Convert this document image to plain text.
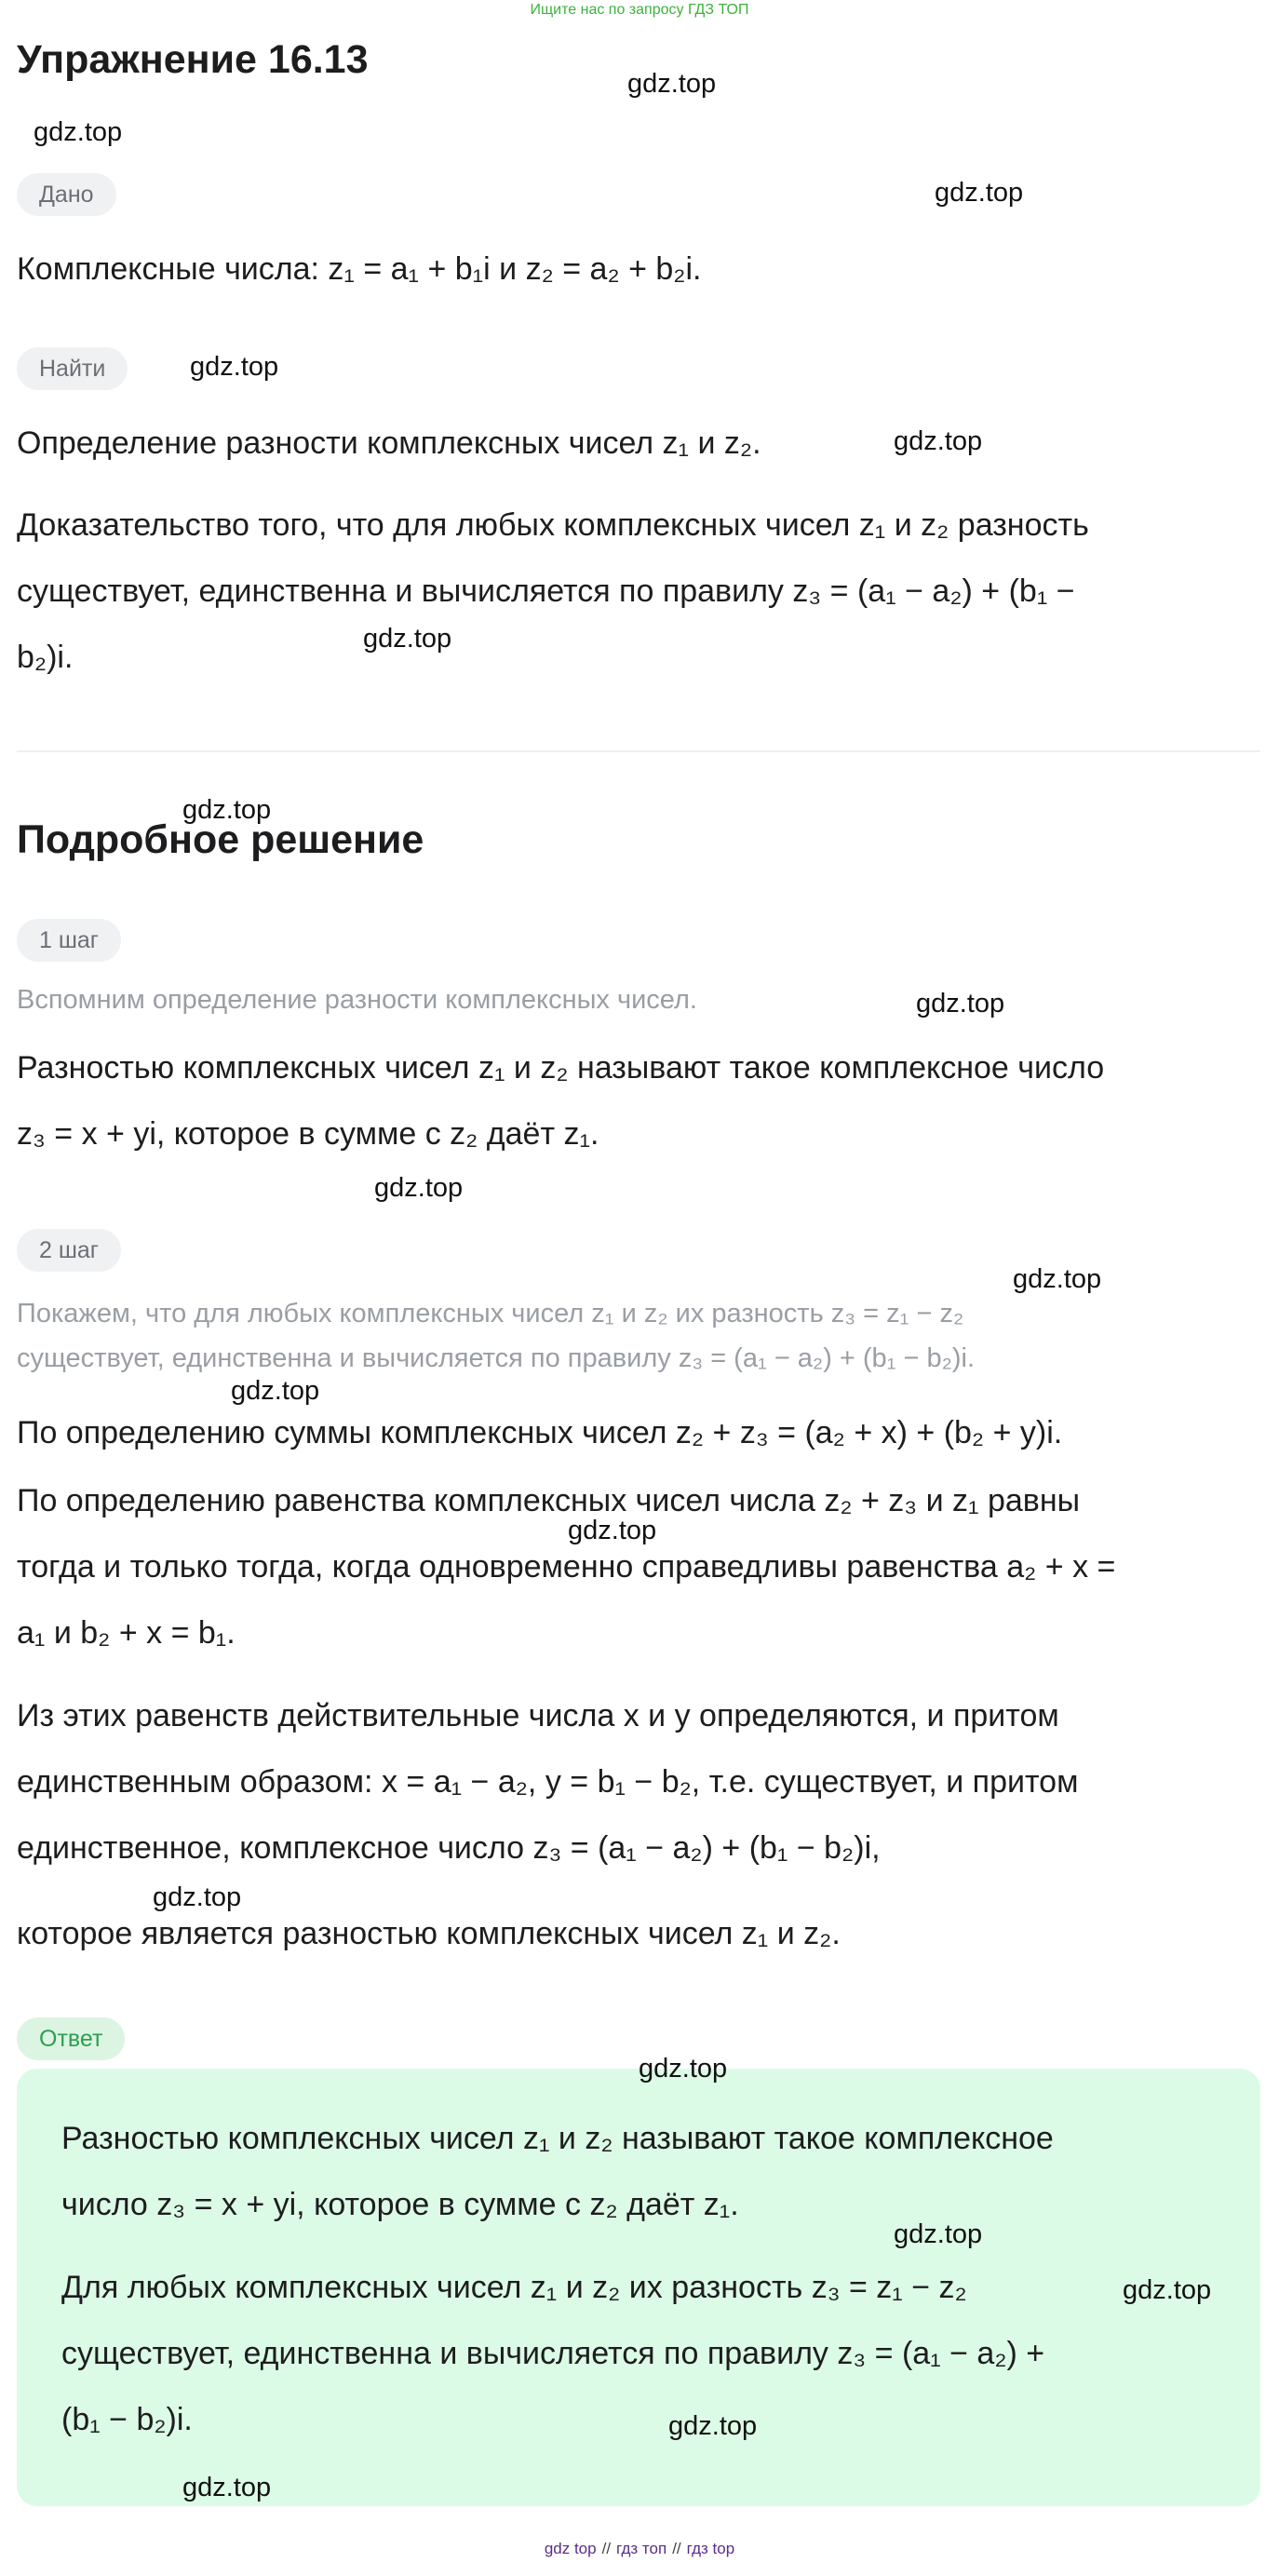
Ищите нас по запросу ГДЗ ТОП
Упражнение 16.13
Дано
Комплексные числа: z₁ = a₁ + b₁i и z₂ = a₂ + b₂i.
Найти
Определение разности комплексных чисел z₁ и z₂.
Доказательство того, что для любых комплексных чисел z₁ и z₂ разность
существует, единственна и вычисляется по правилу z₃ = (a₁ − a₂) + (b₁ −
b₂)i.
Подробное решение
1 шаг
Вспомним определение разности комплексных чисел.
Разностью комплексных чисел z₁ и z₂ называют такое комплексное число
z₃ = x + yi, которое в сумме с z₂ даёт z₁.
2 шаг
Покажем, что для любых комплексных чисел z₁ и z₂ их разность z₃ = z₁ − z₂
существует, единственна и вычисляется по правилу z₃ = (a₁ − a₂) + (b₁ − b₂)i.
По определению суммы комплексных чисел z₂ + z₃ = (a₂ + x) + (b₂ + y)i.
По определению равенства комплексных чисел числа z₂ + z₃ и z₁ равны
тогда и только тогда, когда одновременно справедливы равенства a₂ + x =
a₁ и b₂ + x = b₁.
Из этих равенств действительные числа x и y определяются, и притом
единственным образом: x = a₁ − a₂, y = b₁ − b₂, т.е. существует, и притом
единственное, комплексное число z₃ = (a₁ − a₂) + (b₁ − b₂)i,
которое является разностью комплексных чисел z₁ и z₂.
Ответ
Разностью комплексных чисел z₁ и z₂ называют такое комплексное
число z₃ = x + yi, которое в сумме с z₂ даёт z₁.
Для любых комплексных чисел z₁ и z₂ их разность z₃ = z₁ − z₂
существует, единственна и вычисляется по правилу z₃ = (a₁ − a₂) +
(b₁ − b₂)i.
gdz.top
gdz.top
gdz.top
gdz.top
gdz.top
gdz.top
gdz.top
gdz.top
gdz.top
gdz.top
gdz.top
gdz.top
gdz.top
gdz.top
gdz.top
gdz.top
gdz.top
gdz.top
gdz top // гдз топ // гдз top
